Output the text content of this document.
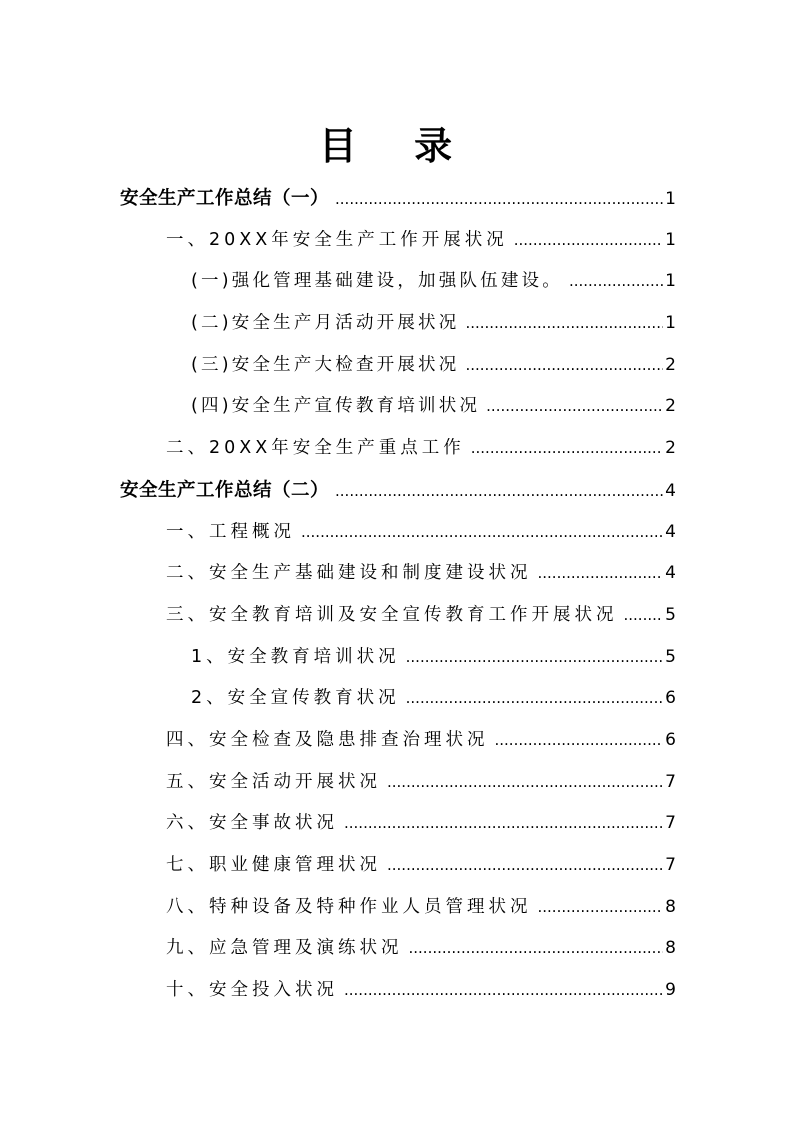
目 录
安全生产工作总结（一） .....	1
一、20XX年安全生产工作开展状况 .....	1
(一)强化管理基础建设，加强队伍建设。 .....	1
(二)安全生产月活动开展状况 .....	1
(三)安全生产大检查开展状况 .....	2
(四)安全生产宣传教育培训状况 .....	2
二、20XX年安全生产重点工作 .....	2
安全生产工作总结（二） .....	4
一、工程概况 .....	4
二、安全生产基础建设和制度建设状况 .....	4
三、安全教育培训及安全宣传教育工作开展状况 .....	5
1、安全教育培训状况 .....	5
2、安全宣传教育状况 .....	6
四、安全检查及隐患排查治理状况 .....	6
五、安全活动开展状况 .....	7
六、安全事故状况 .....	7
七、职业健康管理状况 .....	7
八、特种设备及特种作业人员管理状况 .....	8
九、应急管理及演练状况 .....	8
十、安全投入状况 .....	9
